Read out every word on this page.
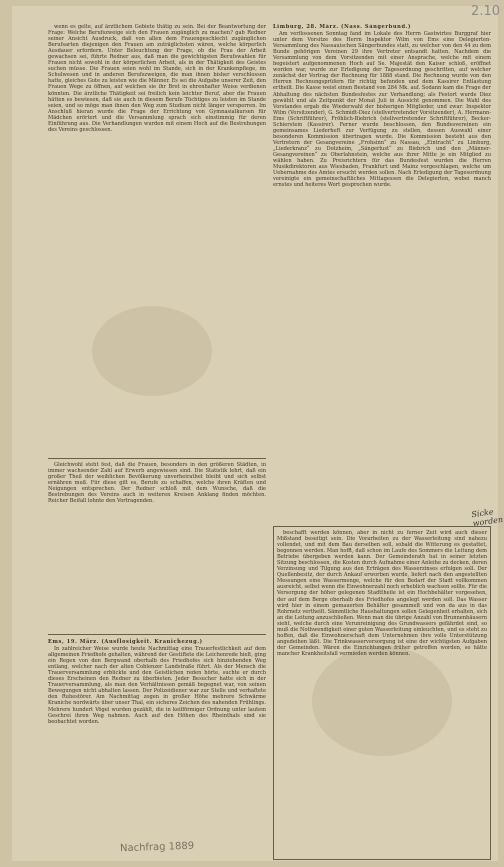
wenn es gelte, auf ärztlichem Gebiete thätig zu sein. Bei der Beantwortung der Frage: Welche Berufszweige sich den Frauen zugänglich zu machen? gab Redner seiner Ansicht Ausdruck, daß von allen dem Frauengeschlecht zugänglichen Berufsarten diejenigen den Frauen am zuträglichsten wären, welche körperlich Ausdauer erfordern. Unter Beleuchtung der Frage, ob die Frau der Arbeit gewachsen sei, führte Redner aus, daß man die gewichtigsten Berufswahlen für Frauen nicht sowohl in der körperlichen Arbeit, als in der Thätigkeit des Geistes suchen müsse. Die Frauen seien wohl im Stande, sich in der Krankenpflege, im Schulwesen und in anderen Berufszweigen, die man ihnen bisher verschlossen hatte, gleiches Gute zu leisten wie die Männer. Es sei die Aufgabe unserer Zeit, den Frauen Wege zu öffnen, auf welchen sie ihr Brot in ehrenhafter Weise verdienen könnten. Die ärztliche Thätigkeit sei freilich kein leichter Beruf, aber die Frauen hätten es bewiesen, daß sie auch in diesem Berufe Tüchtiges zu leisten im Stande seien, und so möge man ihnen den Weg zum Studium nicht länger versperren. Im Anschluß hieran wurde die Frage der Errichtung von Gymnasialkursen für Mädchen erörtert und die Versammlung sprach sich einstimmig für deren Einführung aus. Die Verhandlungen wurden mit einem Hoch auf die Bestrebungen des Vereins geschlossen.

Gleichwohl steht fest, daß die Frauen, besonders in den größeren Städten, in immer wachsender Zahl auf Erwerb angewiesen sind. Die Statistik lehrt, daß ein großer Theil der weiblichen Bevölkerung unverheirathet bleibt und sich selbst ernähren muß. Für diese gilt es, Berufe zu schaffen, welche ihren Kräften und Neigungen entsprechen. Der Redner schloß mit dem Wunsche, daß die Bestrebungen des Vereins auch in weiteren Kreisen Anklang finden möchten. Reicher Beifall lohnte den Vortragenden.

Ems, 19. März. (Ausflosigkeit. Kranichezug.)

In zahlreicher Weise wurde heute Nachmittag eine Trauerfestlichkeit auf dem allgemeinen Friedhofe gehalten, während der Gestiftete die Leichenrede hielt, ging ein Regen von den Bergwand oberhalb des Friedhofes sich hinziehenden Weg entlang, welcher nach der alten Coblenzer Landstraße führt. Als der Mensch die Trauerversammlung erblickte und den Geistlichen reden hörte, suchte er durch dieses Erscheinen den Redner zu überbieten. Jeder Besucher hatte sich in der Trauerversammlung, als man den Verhältnissen gemäß begegnet war, von seinen Bewegungen nicht abhalten lassen. Der Polizeidiener war zur Stelle und verhaftete den Ruhestörer. Am Nachmittag zogen in großer Höhe mehrere Schwärme Kraniche nordwärts über unser Thal, ein sicheres Zeichen des nahenden Frühlings. Mehrere hundert Vögel wurden gezählt, die in keilförmiger Ordnung unter lautem Geschrei ihren Weg nahmen. Auch auf den Höhen des Rheinthals sind sie beobachtet worden.

Limburg, 28. März. (Nass. Sängerbund.)

Am verflossenen Sonntag fand im Lokale des Herrn Gastwirtes Burggraf hier unter dem Vorsitze des Herrn Inspektor Wilm von Ems eine Delegierten-Versammlung des Nassauischen Sängerbundes statt, zu welcher von den 44 zu dem Bunde gehörigen Vereinen 29 ihre Vertreter entsandt hatten. Nachdem die Versammlung von dem Vorsitzenden mit einer Ansprache, welche mit einem begeistert aufgenommenen Hoch auf Se. Majestät den Kaiser schloß, eröffnet worden war, wurde zur Erledigung der Tagesordnung geschritten, auf welcher zunächst der Vortrag der Rechnung für 1888 stand. Die Rechnung wurde von den Herren Rechnungsprüfern für richtig befunden und dem Kassirer Entlastung ertheilt. Die Kasse weist einen Bestand von 284 Mk. auf. Sodann kam die Frage der Abhaltung des nächsten Bundesfestes zur Verhandlung; als Festort wurde Diez gewählt und als Zeitpunkt der Monat Juli in Aussicht genommen. Die Wahl des Vorstandes ergab die Wiederwahl der bisherigen Mitglieder, und zwar: Inspektor Wilm (Vorsitzender), G. Schmidt-Diez (stellvertretender Vorsitzender), A. Hermann-Ems (Schriftführer), Fröhlich-Biebrich (stellvertretender Schriftführer), Becker-Schierstein (Kassirer). Ferner wurde beschlossen, den Bundesvereinen ein gemeinsames Liederheft zur Verfügung zu stellen, dessen Auswahl einer besonderen Kommission übertragen wurde. Die Kommission besteht aus den Vertretern der Gesangvereine „Frohsinn“ zu Nassau, „Eintracht“ zu Limburg, „Liederkranz“ zu Dotzheim, „Sängerlust“ zu Biebrich und den „Männer-Gesangvereinen“ zu Oberlahnstein, welche aus ihrer Mitte je ein Mitglied zu wählen haben. Zu Preisrichtern für das Bundesfest wurden die Herren Musikdirektoren aus Wiesbaden, Frankfurt und Mainz vorgeschlagen, welche um Uebernahme des Amtes ersucht werden sollen. Nach Erledigung der Tagesordnung vereinigte ein gemeinschaftliches Mittagessen die Delegierten, wobei manch ernstes und heiteres Wort gesprochen wurde.

beschafft werden können, aber in nicht zu ferner Zeit wird auch dieser Mißstand beseitigt sein. Die Vorarbeiten zu der Wasserleitung sind nahezu vollendet, und mit dem Bau derselben soll, sobald die Witterung es gestattet, begonnen werden. Man hofft, daß schon im Laufe des Sommers die Leitung dem Betriebe übergeben werden kann. Der Gemeinderath hat in seiner letzten Sitzung beschlossen, die Kosten durch Aufnahme einer Anleihe zu decken, deren Verzinsung und Tilgung aus den Erträgen des Wasserzinses erfolgen soll. Der Quellenbesitz, der durch Ankauf erworben wurde, liefert nach den angestellten Messungen eine Wassermenge, welche für den Bedarf der Stadt vollkommen ausreicht, selbst wenn die Einwohnerzahl noch erheblich wachsen sollte. Für die Versorgung der höher gelegenen Stadttheile ist ein Hochbehälter vorgesehen, der auf dem Berge oberhalb des Friedhofes angelegt werden soll. Das Wasser wird hier in einem gemauerten Behälter gesammelt und von da aus in das Rohrnetz vertheilt. Sämmtliche Haushaltungen sollen Gelegenheit erhalten, sich an die Leitung anzuschließen. Wenn man die übrige Anzahl von Brunnenhäusern sieht, welche durch eine Verunreinigung des Grundwassers gefährdet sind, so muß die Nothwendigkeit einer guten Wasserleitung einleuchten, und es steht zu hoffen, daß die Einwohnerschaft dem Unternehmen ihre volle Unterstützung angedeihen läßt. Die Trinkwasserversorgung ist eine der wichtigsten Aufgaben der Gemeinden. Wären die Einrichtungen früher getroffen worden, so hätte mancher Krankheitsfall vermieden werden können.

2.10
Sicke worden
Nachfrag 1889
